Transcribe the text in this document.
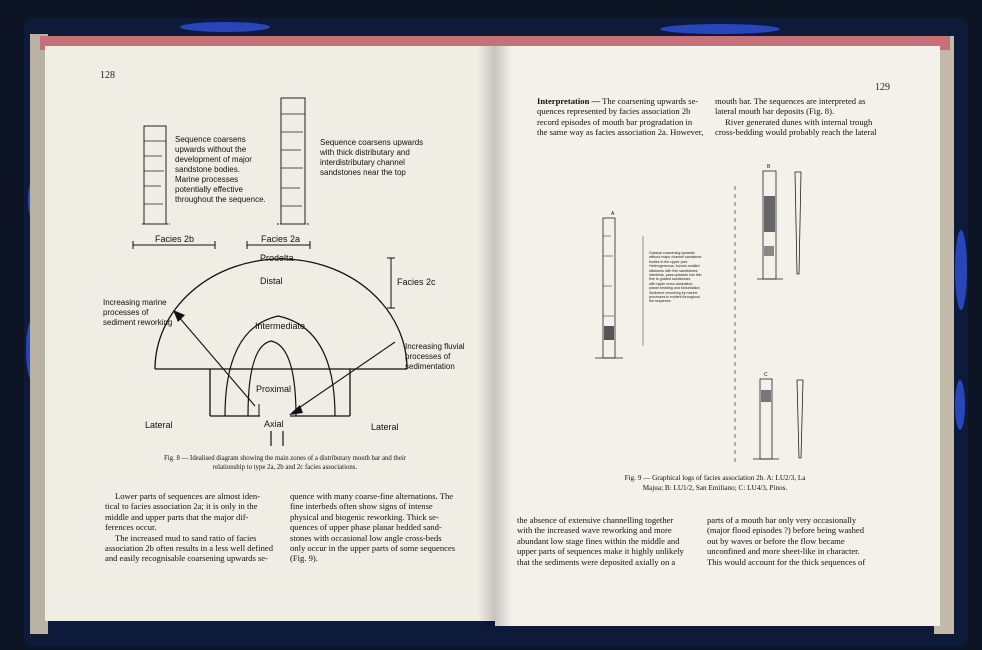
128
Sequence coarsens
upwards without the
development of major
sandstone bodies.
Marine processes
potentially effective
throughout the sequence.
Sequence coarsens upwards
with thick distributary and
interdistributary channel
sandstones near the top
Facies 2b	Facies 2a
Facies 2c
Prodelta
Distal
Intermediate
Proximal
Axial
Lateral	Lateral
Increasing marine
processes of
sediment reworking
Increasing fluvial
processes of
sedimentation
Fig. 8 — Idealised diagram showing the main zones of a distributary mouth bar and their
relationship to type 2a, 2b and 2c facies associations.
Lower parts of sequences are almost iden-
tical to facies association 2a; it is only in the
middle and upper parts that the major dif-
ferences occur.
The increased mud to sand ratio of facies
association 2b often results in a less well defined
and easily recognisable coarsening upwards se-
quence with many coarse-fine alternations. The
fine interbeds often show signs of intense
physical and biogenic reworking. Thick se-
quences of upper phase planar bedded sand-
stones with occasional low angle cross-beds
only occur in the upper parts of some sequences
(Fig. 9).
129
Interpretation — The coarsening upwards se-
quences represented by facies association 2b
record episodes of mouth bar progradation in
the same way as facies association 2a. However,
mouth bar. The sequences are interpreted as
lateral mouth bar deposits (Fig. 8).
River generated dunes with internal trough
cross-bedding would probably reach the lateral
A
B
C
Gradual coarsening upwards
without major channel sandstone
bodies in the upper part.
Heterogeneous, burrow-mottled
siltstones with thin sandstones
interbeds, pass upwards into thin
fine to graded sandstones
with ripple cross-lamination,
planar bedding and bioturbation.
Sediment reworking by marine
processes is evident throughout
the sequence.
Fig. 9 — Graphical logs of facies association 2b. A: LU2/3, La
Majua; B: LU1/2, San Emiliano; C: LU4/3, Pinos.
the absence of extensive channelling together
with the increased wave reworking and more
abundant low stage fines within the middle and
upper parts of sequences make it highly unlikely
that the sediments were deposited axially on a
parts of a mouth bar only very occasionally
(major flood episodes ?) before being washed
out by waves or before the flow became
unconfined and more sheet-like in character.
This would account for the thick sequences of
